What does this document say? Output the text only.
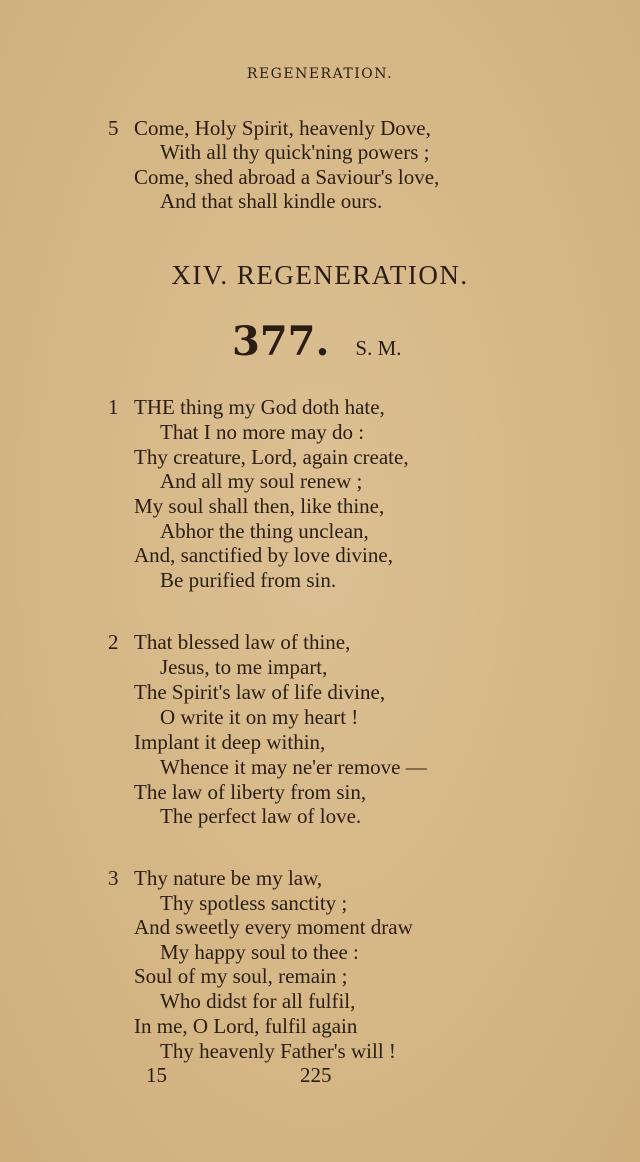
REGENERATION.
5 Come, Holy Spirit, heavenly Dove,
With all thy quick'ning powers ;
Come, shed abroad a Saviour's love,
And that shall kindle ours.
XIV. REGENERATION.
377. S. M.
1 THE thing my God doth hate,
That I no more may do :
Thy creature, Lord, again create,
And all my soul renew ;
My soul shall then, like thine,
Abhor the thing unclean,
And, sanctified by love divine,
Be purified from sin.
2 That blessed law of thine,
Jesus, to me impart,
The Spirit's law of life divine,
O write it on my heart !
Implant it deep within,
Whence it may ne'er remove —
The law of liberty from sin,
The perfect law of love.
3 Thy nature be my law,
Thy spotless sanctity ;
And sweetly every moment draw
My happy soul to thee :
Soul of my soul, remain ;
Who didst for all fulfil,
In me, O Lord, fulfil again
Thy heavenly Father's will !
15	225
